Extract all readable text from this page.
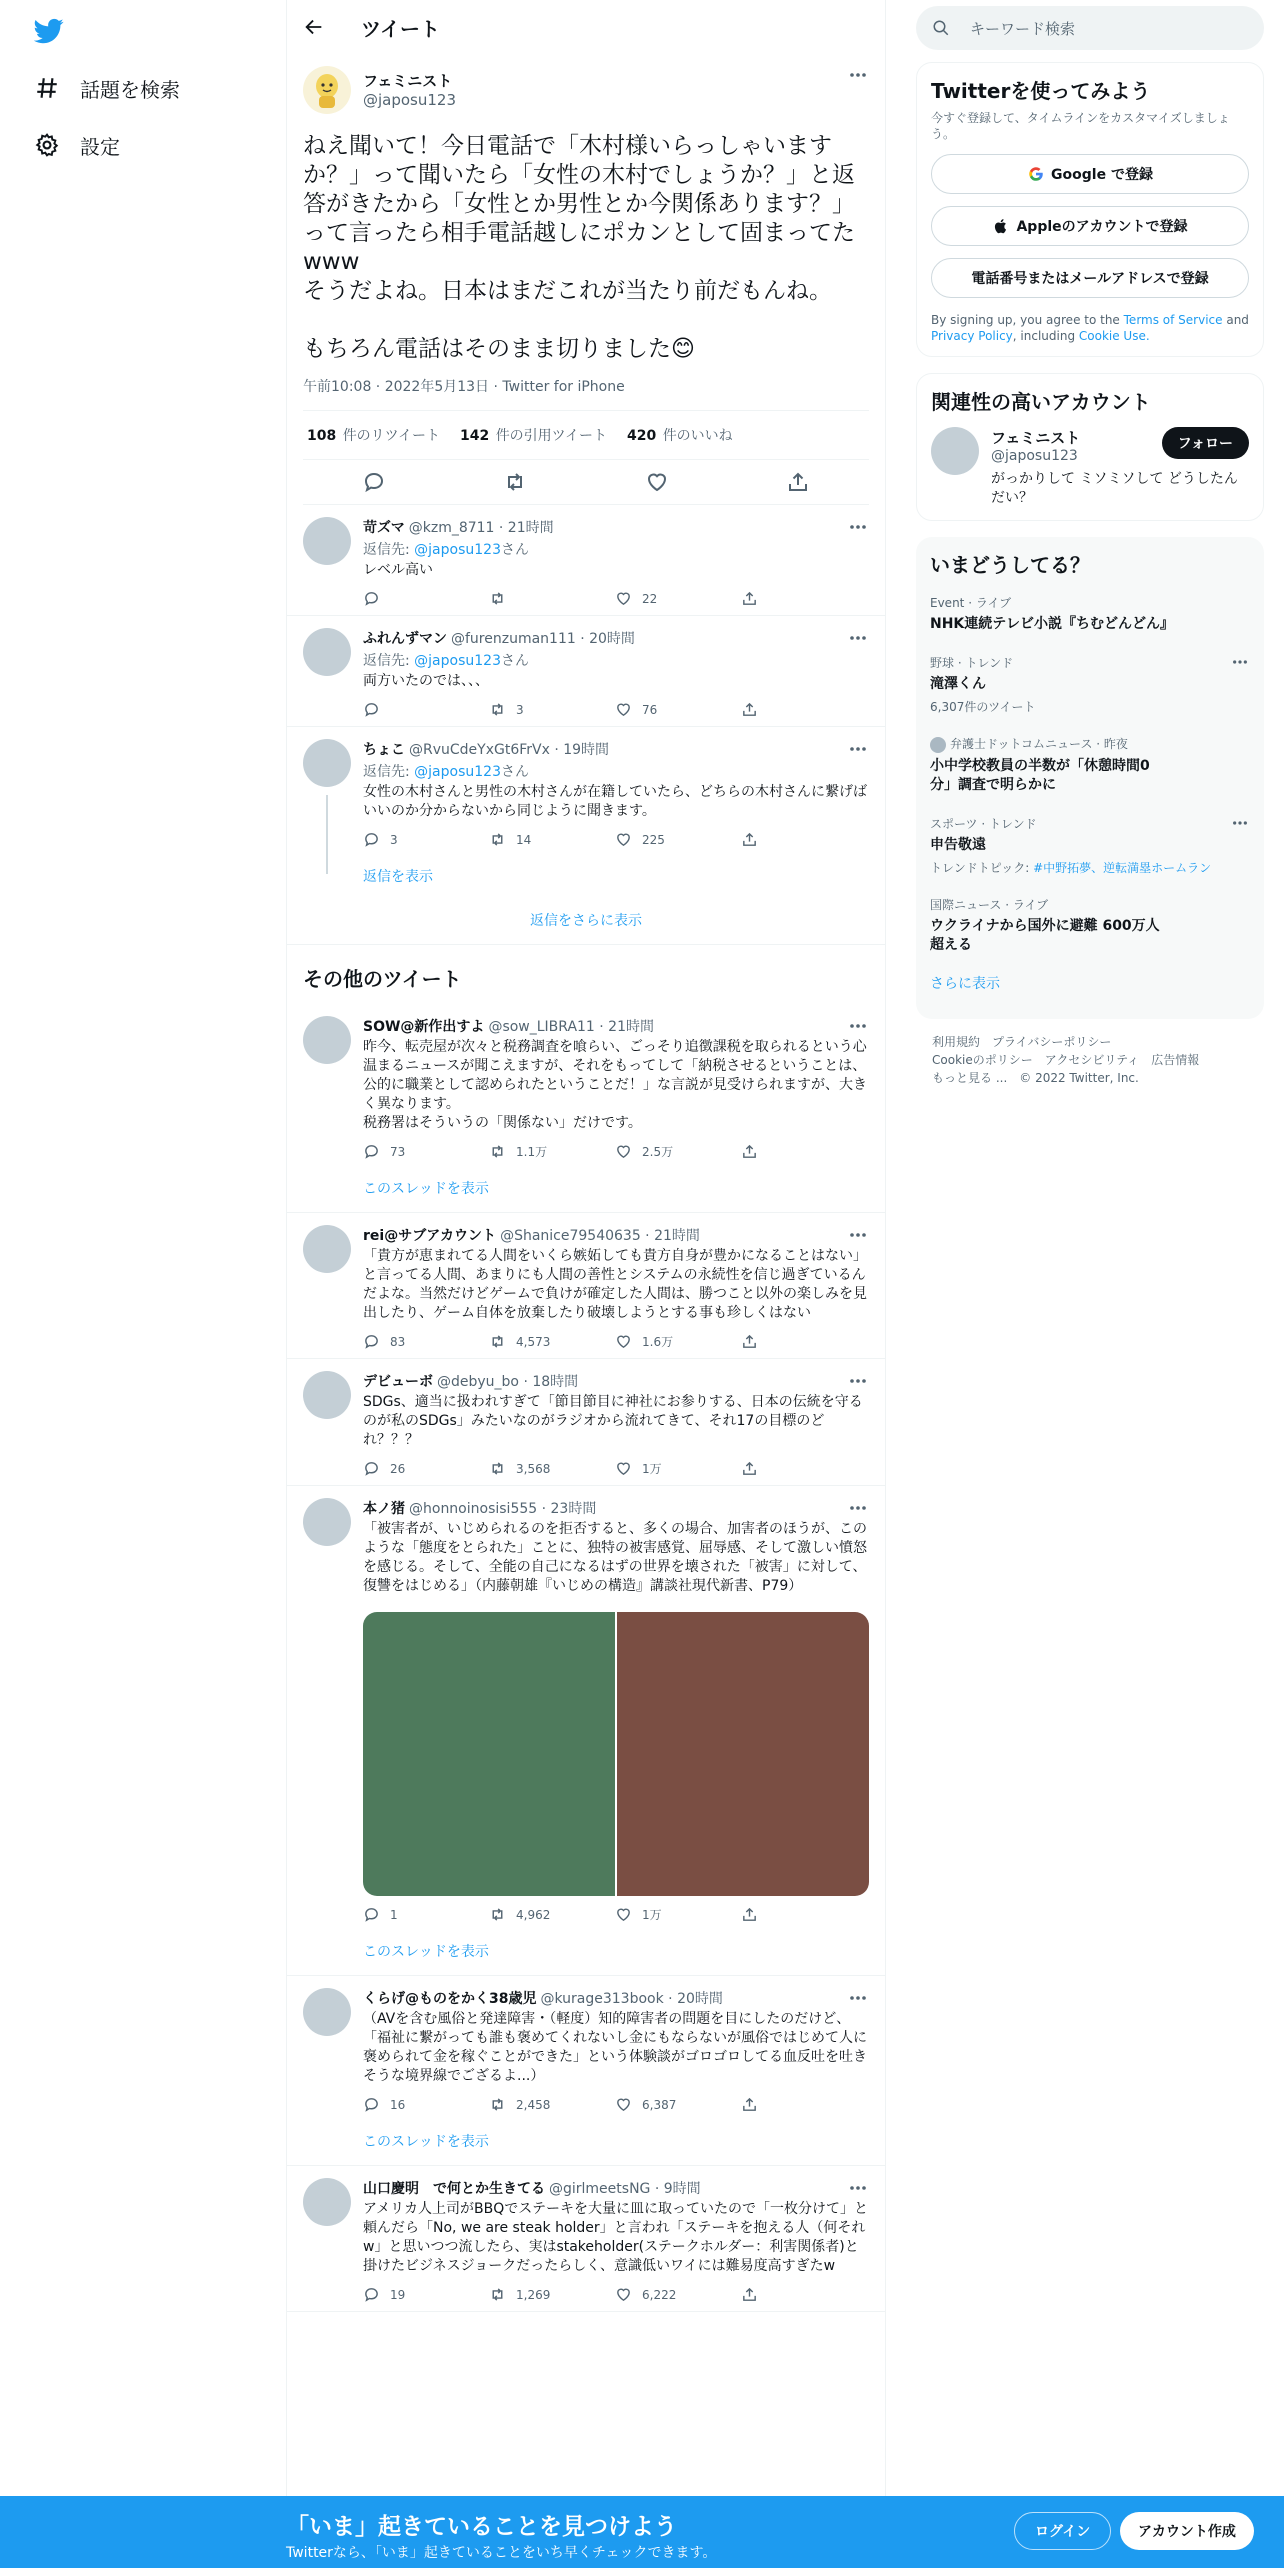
話題を検索
設定
ツイート
フェミニスト
@japosu123
ねえ聞いて！今日電話で「木村様いらっしゃいますか？」って聞いたら「女性の木村でしょうか？」と返答がきたから「女性とか男性とか今関係あります？」って言ったら相手電話越しにポカンとして固まってたwww
そうだよね。日本はまだこれが当たり前だもんね。

もちろん電話はそのまま切りました😊
午前10:08 · 2022年5月13日 · Twitter for iPhone
108 件のリツイート 142 件の引用ツイート 420 件のいいね
苛ズマ @kzm_8711 · 21時間
返信先: @japosu123さん
レベル高い
22
ふれんずマン @furenzuman111 · 20時間
返信先: @japosu123さん
両方いたのでは、、、
3	76
ちょこ @RvuCdeYxGt6FrVx · 19時間
返信先: @japosu123さん
女性の木村さんと男性の木村さんが在籍していたら、どちらの木村さんに繋げばいいのか分からないから同じように聞きます。
3	14	225
返信を表示
返信をさらに表示
その他のツイート
SOW@新作出すよ @sow_LIBRA11 · 21時間
昨今、転売屋が次々と税務調査を喰らい、ごっそり追徴課税を取られるという心温まるニュースが聞こえますが、それをもってして「納税させるということは、公的に職業として認められたということだ！」な言説が見受けられますが、大きく異なります。
税務署はそういうの「関係ない」だけです。
73	1.1万	2.5万
このスレッドを表示
rei@サブアカウント @Shanice79540635 · 21時間
「貴方が恵まれてる人間をいくら嫉妬しても貴方自身が豊かになることはない」と言ってる人間、あまりにも人間の善性とシステムの永続性を信じ過ぎているんだよな。当然だけどゲームで負けが確定した人間は、勝つこと以外の楽しみを見出したり、ゲーム自体を放棄したり破壊しようとする事も珍しくはない
83	4,573	1.6万
デビューボ @debyu_bo · 18時間
SDGs、適当に扱われすぎて「節目節目に神社にお参りする、日本の伝統を守るのが私のSDGs」みたいなのがラジオから流れてきて、それ17の目標のどれ？？？
26	3,568	1万
本ノ猪 @honnoinosisi555 · 23時間
「被害者が、いじめられるのを拒否すると、多くの場合、加害者のほうが、このような「態度をとられた」ことに、独特の被害感覚、屈辱感、そして激しい憤怒を感じる。そして、全能の自己になるはずの世界を壊された「被害」に対して、復讐をはじめる」（内藤朝雄『いじめの構造』講談社現代新書、P79）
1	4,962	1万
このスレッドを表示
くらげ@ものをかく38歳児 @kurage313book · 20時間
（AVを含む風俗と発達障害・（軽度）知的障害者の問題を目にしたのだけど、「福祉に繋がっても誰も褒めてくれないし金にもならないが風俗ではじめて人に褒められて金を稼ぐことができた」という体験談がゴロゴロしてる血反吐を吐きそうな境界線でござるよ...）
16	2,458	6,387
このスレッドを表示
山口慶明　で何とか生きてる @girlmeetsNG · 9時間
アメリカ人上司がBBQでステーキを大量に皿に取っていたので「一枚分けて」と頼んだら「No, we are steak holder」と言われ「ステーキを抱える人（何それw」と思いつつ流したら、実はstakeholder(ステークホルダー：利害関係者)と掛けたビジネスジョークだったらしく、意識低いワイには難易度高すぎたw
19	1,269	6,222
キーワード検索
Twitterを使ってみよう
今すぐ登録して、タイムラインをカスタマイズしましょう。
Google で登録
Appleのアカウントで登録
電話番号またはメールアドレスで登録
By signing up, you agree to the Terms of Service and Privacy Policy, including Cookie Use.
関連性の高いアカウント
フェミニスト
@japosu123
フォロー
がっかりして ミソミソして どうしたんだい？
いまどうしてる？
Event · ライブ
NHK連続テレビ小説『ちむどんどん』
野球 · トレンド
滝澤くん
6,307件のツイート
弁護士ドットコムニュース · 昨夜
小中学校教員の半数が「休憩時間0分」調査で明らかに
スポーツ · トレンド
申告敬遠
トレンドトピック: #中野拓夢、逆転満塁ホームラン
国際ニュース · ライブ
ウクライナから国外に避難 600万人超える
さらに表示
利用規約 プライバシーポリシー
Cookieのポリシー アクセシビリティ 広告情報
もっと見る ... © 2022 Twitter, Inc.
「いま」起きていることを見つけよう
Twitterなら、「いま」起きていることをいち早くチェックできます。
ログイン	アカウント作成
